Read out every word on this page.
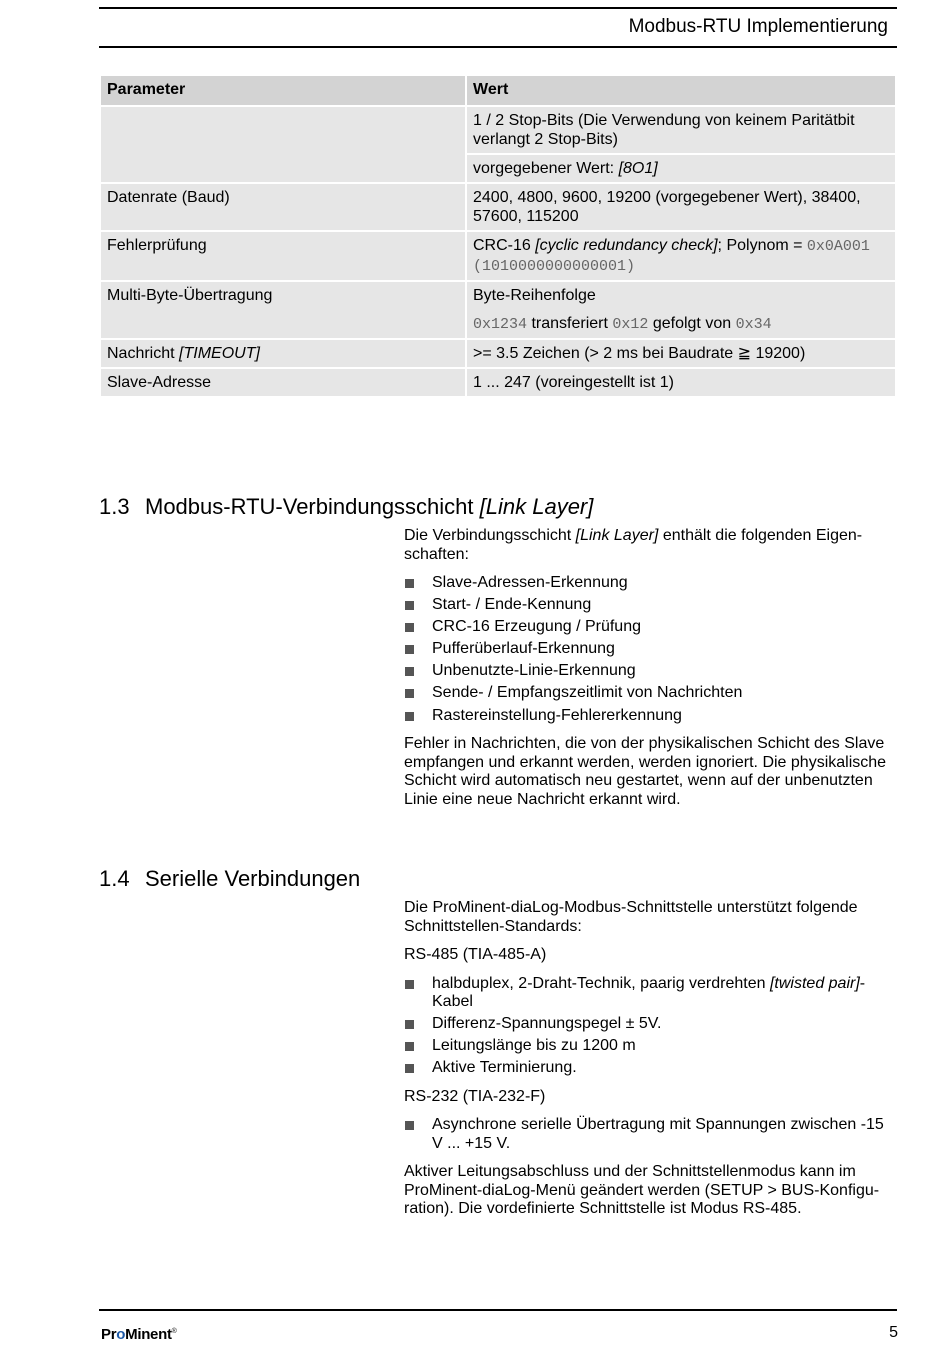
Modbus-RTU Implementierung
Parameter	Wert
	1 / 2 Stop-Bits (Die Verwendung von keinem Paritätbit verlangt 2 Stop-Bits)
	vorgegebener Wert: [8O1]
Datenrate (Baud)	2400, 4800, 9600, 19200 (vorgegebener Wert), 38400, 57600, 115200
Fehlerprüfung	CRC-16 [cyclic redundancy check]; Polynom = 0x0A001
(1010000000000001)
Multi-Byte-Übertragung	Byte-Reihenfolge
0x1234 transferiert 0x12 gefolgt von 0x34

Nachricht [TIMEOUT]	>= 3.5 Zeichen (> 2 ms bei Baudrate ≧ 19200)
Slave-Adresse	1 ... 247 (voreingestellt ist 1)
1.3 Modbus-RTU-Verbindungsschicht [Link Layer]

Die Verbindungsschicht [Link Layer] enthält die folgenden Eigenschaften:

Slave-Adressen-Erkennung
Start- / Ende-Kennung
CRC-16 Erzeugung / Prüfung
Pufferüberlauf-Erkennung
Unbenutzte-Linie-Erkennung
Sende- / Empfangszeitlimit von Nachrichten
Rastereinstellung-Fehlererkennung

Fehler in Nachrichten, die von der physikalischen Schicht des Slave empfangen und erkannt werden, werden ignoriert. Die physikalische Schicht wird automatisch neu gestartet, wenn auf der unbenutzten Linie eine neue Nachricht erkannt wird.

1.4 Serielle Verbindungen

Die ProMinent-diaLog-Modbus-Schnittstelle unterstützt folgende Schnittstellen-Standards:

RS-485 (TIA-485-A)

halbduplex, 2-Draht-Technik, paarig verdrehten [twisted pair]-Kabel
Differenz-Spannungspegel ± 5V.
Leitungslänge bis zu 1200 m
Aktive Terminierung.

RS-232 (TIA-232-F)

Asynchrone serielle Übertragung mit Spannungen zwischen -15 V ... +15 V.

Aktiver Leitungsabschluss und der Schnittstellenmodus kann im ProMinent-diaLog-Menü geändert werden (SETUP > BUS-Konfiguration). Die vordefinierte Schnittstelle ist Modus RS-485.

ProMinent®	5
